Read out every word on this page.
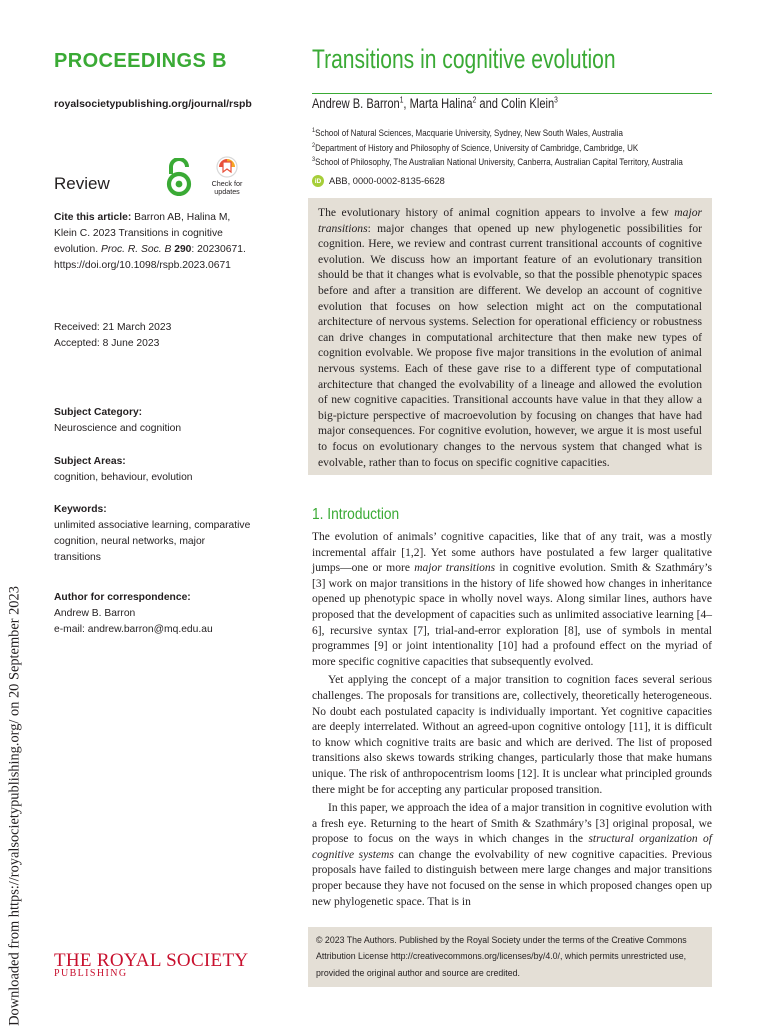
Downloaded from https://royalsocietypublishing.org/ on 20 September 2023
PROCEEDINGS B
royalsocietypublishing.org/journal/rspb
Review	Check for
updates
Cite this article: Barron AB, Halina M, Klein C. 2023 Transitions in cognitive evolution. Proc. R. Soc. B 290: 20230671.
https://doi.org/10.1098/rspb.2023.0671
Received: 21 March 2023
Accepted: 8 June 2023
Subject Category:
Neuroscience and cognition
Subject Areas:
cognition, behaviour, evolution
Keywords:
unlimited associative learning, comparative
cognition, neural networks, major transitions
Author for correspondence:
Andrew B. Barron
e-mail: andrew.barron@mq.edu.au
THE ROYAL SOCIETY
PUBLISHING
Transitions in cognitive evolution
Andrew B. Barron$^1$, Marta Halina$^2$ and Colin Klein$^3$
$^1$School of Natural Sciences, Macquarie University, Sydney, New South Wales, Australia
$^2$Department of History and Philosophy of Science, University of Cambridge, Cambridge, UK
$^3$School of Philosophy, The Australian National University, Canberra, Australian Capital Territory, Australia
iD ABB, 0000-0002-8135-6628

The evolutionary history of animal cognition appears to involve a few major transitions: major changes that opened up new phylogenetic possibilities for cognition. Here, we review and contrast current transitional accounts of cognitive evolution. We discuss how an important feature of an evolutionary transition should be that it changes what is evolvable, so that the possible phenotypic spaces before and after a transition are different. We develop an account of cognitive evolution that focuses on how selection might act on the computational architecture of nervous systems. Selection for operational efficiency or robustness can drive changes in computational architecture that then make new types of cognition evolvable. We propose five major transitions in the evolution of animal nervous systems. Each of these gave rise to a different type of computational architecture that changed the evolvability of a lineage and allowed the evolution of new cognitive capacities. Transitional accounts have value in that they allow a big-picture perspective of macroevolution by focusing on changes that have had major consequences. For cognitive evolution, however, we argue it is most useful to focus on evolutionary changes to the nervous system that changed what is evolvable, rather than to focus on specific cognitive capacities.

1. Introduction

The evolution of animals’ cognitive capacities, like that of any trait, was a mostly incremental affair [1,2]. Yet some authors have postulated a few larger qualitative jumps—one or more major transitions in cognitive evolution. Smith & Szathmáry’s [3] work on major transitions in the history of life showed how changes in inheritance opened up phenotypic space in wholly novel ways. Along similar lines, authors have proposed that the development of capacities such as unlimited associative learning [4–6], recursive syntax [7], trial-and-error exploration [8], use of symbols in mental programmes [9] or joint intentionality [10] had a profound effect on the myriad of more specific cognitive capacities that subsequently evolved.

Yet applying the concept of a major transition to cognition faces several serious challenges. The proposals for transitions are, collectively, theoretically heterogeneous. No doubt each postulated capacity is individually important. Yet cognitive capacities are deeply interrelated. Without an agreed-upon cognitive ontology [11], it is difficult to know which cognitive traits are basic and which are derived. The list of proposed transitions also skews towards striking changes, particularly those that make humans unique. The risk of anthropocentrism looms [12]. It is unclear what principled grounds there might be for accepting any particular proposed transition.

In this paper, we approach the idea of a major transition in cognitive evolution with a fresh eye. Returning to the heart of Smith & Szathmáry’s [3] original proposal, we propose to focus on the ways in which changes in the structural organization of cognitive systems can change the evolvability of new cognitive capacities. Previous proposals have failed to distinguish between mere large changes and major transitions proper because they have not focused on the sense in which proposed changes open up new phylogenetic space. That is in

© 2023 The Authors. Published by the Royal Society under the terms of the Creative Commons Attribution License http://creativecommons.org/licenses/by/4.0/, which permits unrestricted use, provided the original author and source are credited.
